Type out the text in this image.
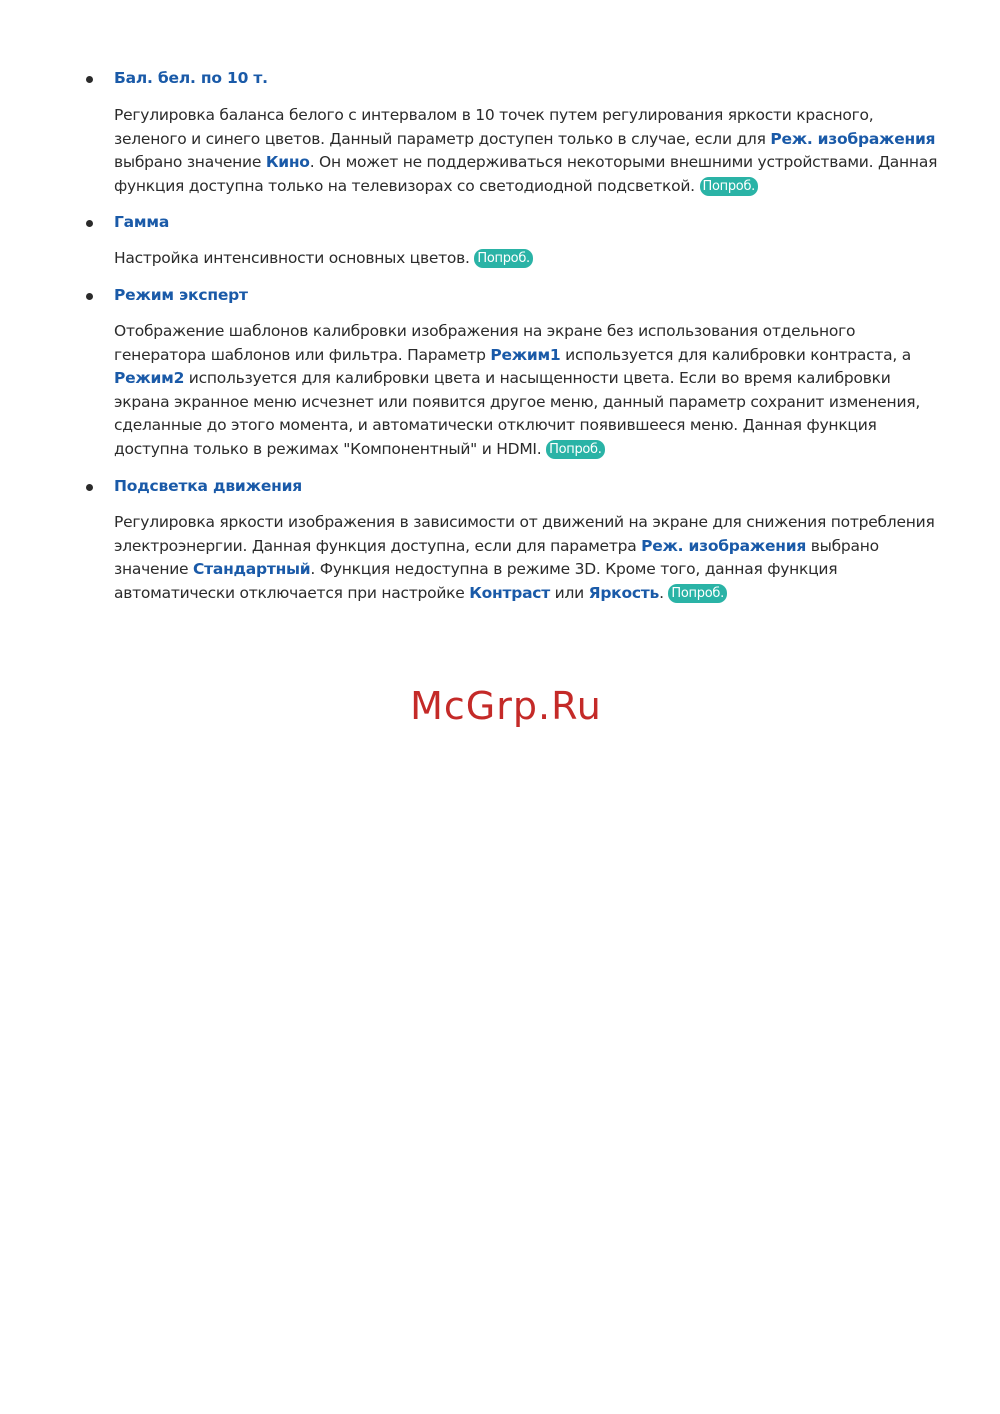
Бал. бел. по 10 т.
Регулировка баланса белого с интервалом в 10 точек путем регулирования яркости красного, зеленого и синего цветов. Данный параметр доступен только в случае, если для Реж. изображения выбрано значение Кино. Он может не поддерживаться некоторыми внешними устройствами. Данная функция доступна только на телевизорах со светодиодной подсветкой. Попроб.
Гамма
Настройка интенсивности основных цветов. Попроб.
Режим эксперт
Отображение шаблонов калибровки изображения на экране без использования отдельного генератора шаблонов или фильтра. Параметр Режим1 используется для калибровки контраста, а Режим2 используется для калибровки цвета и насыщенности цвета. Если во время калибровки экрана экранное меню исчезнет или появится другое меню, данный параметр сохранит изменения, сделанные до этого момента, и автоматически отключит появившееся меню. Данная функция доступна только в режимах "Компонентный" и HDMI. Попроб.
Подсветка движения
Регулировка яркости изображения в зависимости от движений на экране для снижения потребления электроэнергии. Данная функция доступна, если для параметра Реж. изображения выбрано значение Стандартный. Функция недоступна в режиме 3D. Кроме того, данная функция автоматически отключается при настройке Контраст или Яркость. Попроб.
McGrp.Ru
